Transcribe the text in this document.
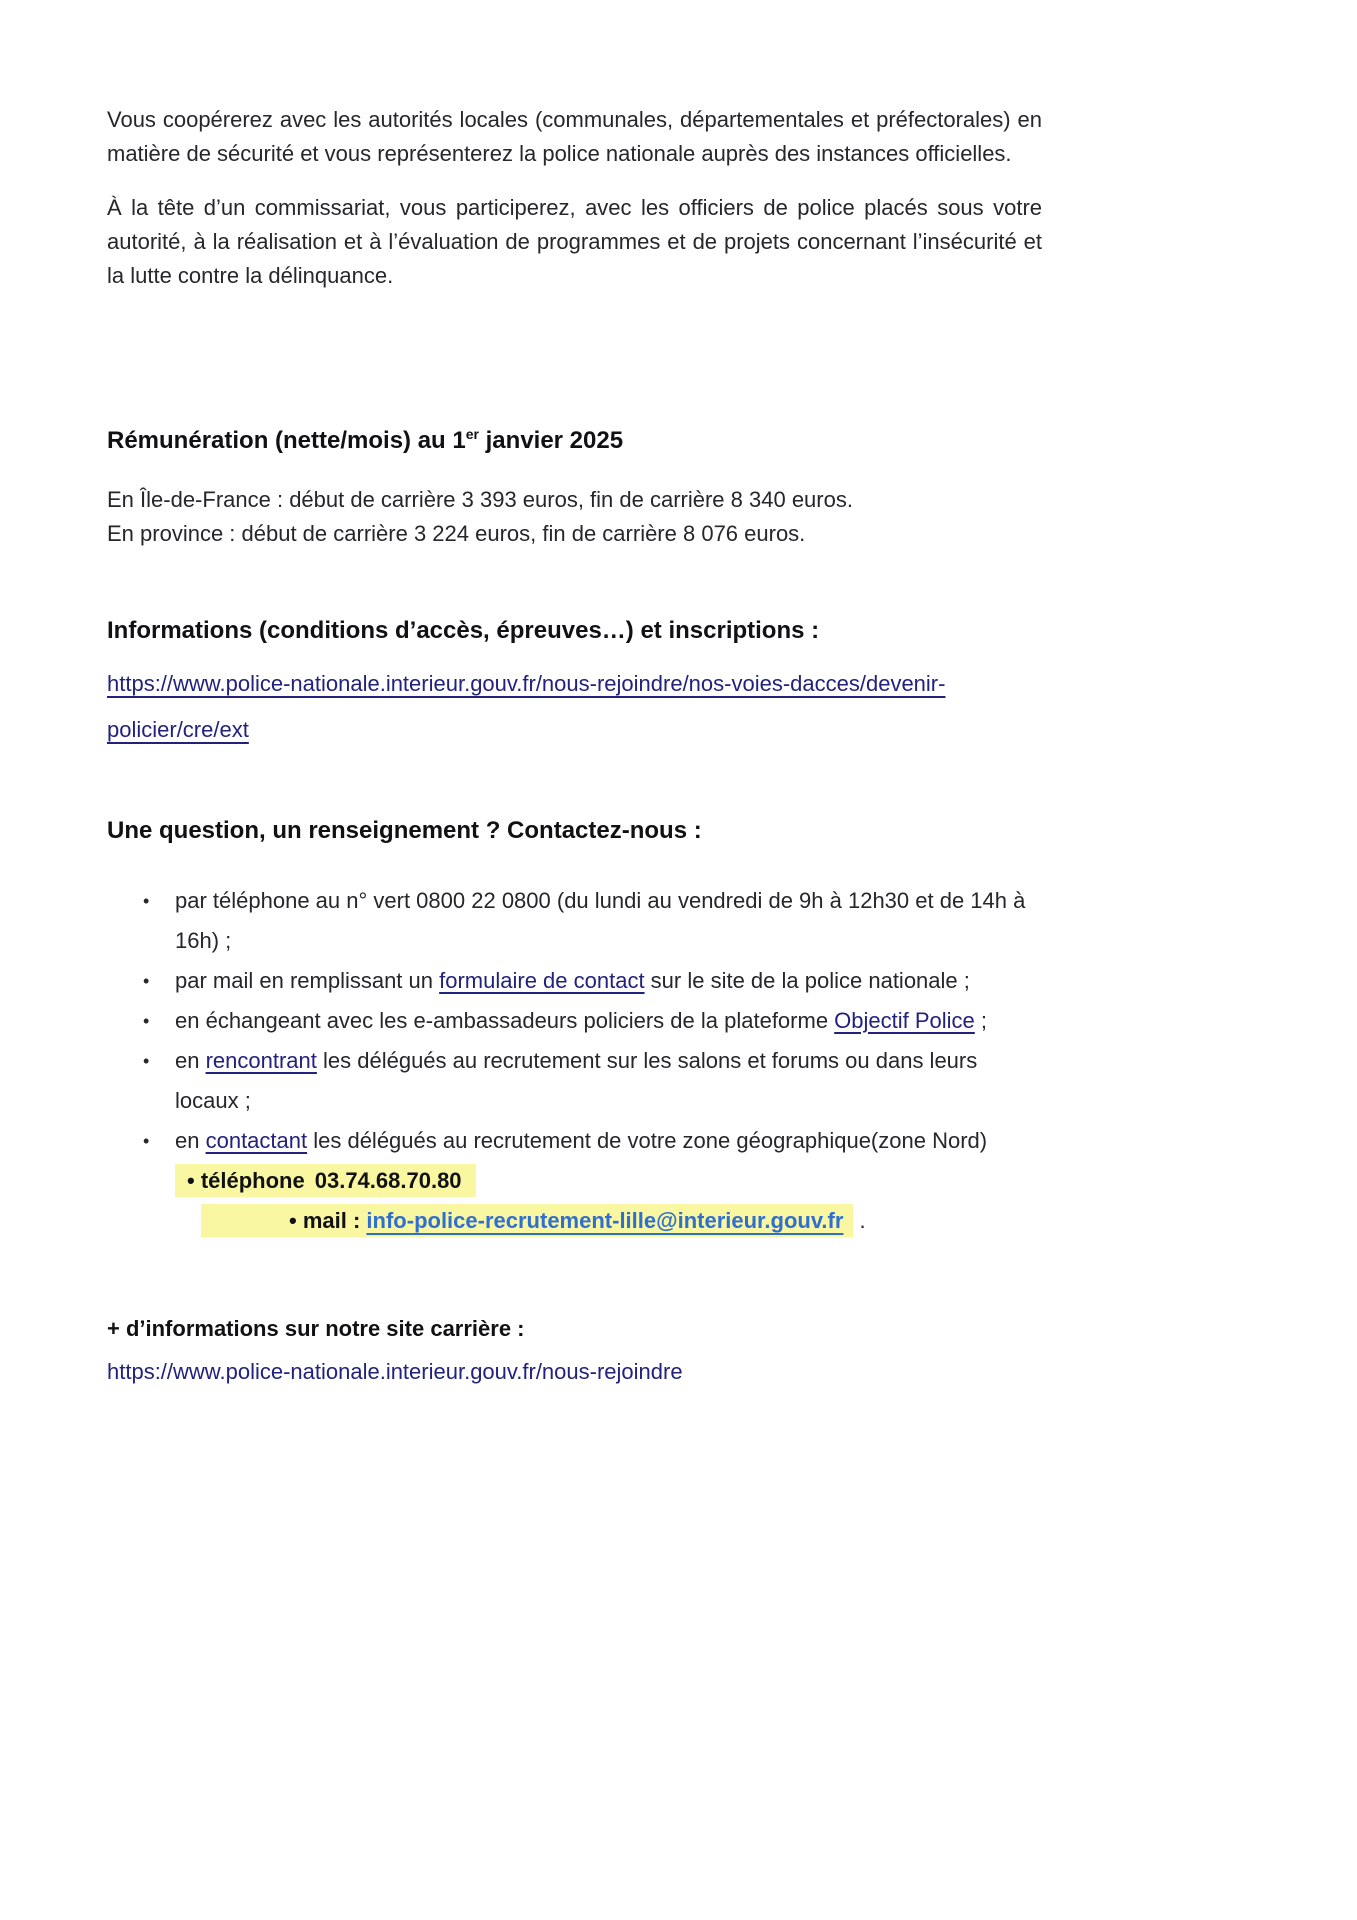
Vous coopérerez avec les autorités locales (communales, départementales et préfectorales) en matière de sécurité et vous représenterez la police nationale auprès des instances officielles.

À la tête d’un commissariat, vous participerez, avec les officiers de police placés sous votre autorité, à la réalisation et à l’évaluation de programmes et de projets concernant l’insécurité et la lutte contre la délinquance.

Rémunération (nette/mois) au 1er janvier 2025
En Île-de-France : début de carrière 3 393 euros, fin de carrière 8 340 euros.
En province : début de carrière 3 224 euros, fin de carrière 8 076 euros.
Informations (conditions d’accès, épreuves…) et inscriptions :
https://www.police-nationale.interieur.gouv.fr/nous-rejoindre/nos-voies-dacces/devenir-policier/cre/ext
Une question, un renseignement ? Contactez-nous :
• par téléphone au n° vert 0800 22 0800 (du lundi au vendredi de 9h à 12h30 et de 14h à 16h) ;
• par mail en remplissant un formulaire de contact sur le site de la police nationale ;
• en échangeant avec les e-ambassadeurs policiers de la plateforme Objectif Police ;
• en rencontrant les délégués au recrutement sur les salons et forums ou dans leurs locaux ;
• en contactant les délégués au recrutement de votre zone géographique(zone Nord) • téléphone 03.74.68.70.80
• mail : info-police-recrutement-lille@interieur.gouv.fr .
+ d’informations sur notre site carrière :
https://www.police-nationale.interieur.gouv.fr/nous-rejoindre
